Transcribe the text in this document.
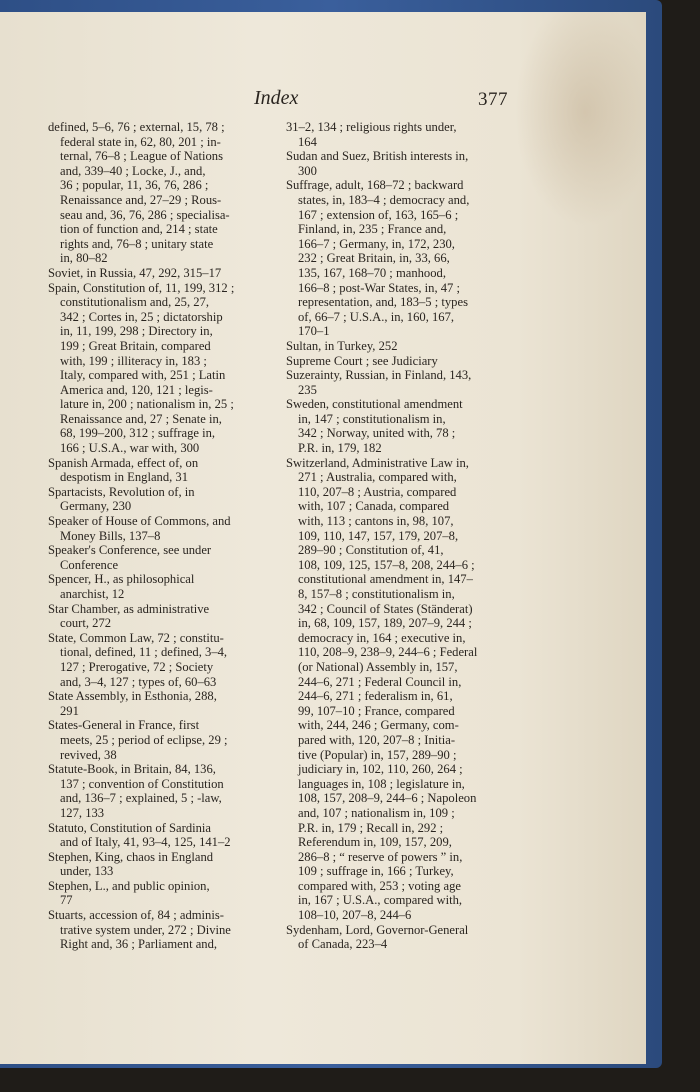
Index	377

defined, 5–6, 76 ; external, 15, 78 ;
federal state in, 62, 80, 201 ; in-
ternal, 76–8 ; League of Nations
and, 339–40 ; Locke, J., and,
36 ; popular, 11, 36, 76, 286 ;
Renaissance and, 27–29 ; Rous-
seau and, 36, 76, 286 ; specialisa-
tion of function and, 214 ; state
rights and, 76–8 ; unitary state
in, 80–82

Soviet, in Russia, 47, 292, 315–17

Spain, Constitution of, 11, 199, 312 ;
constitutionalism and, 25, 27,
342 ; Cortes in, 25 ; dictatorship
in, 11, 199, 298 ; Directory in,
199 ; Great Britain, compared
with, 199 ; illiteracy in, 183 ;
Italy, compared with, 251 ; Latin
America and, 120, 121 ; legis-
lature in, 200 ; nationalism in, 25 ;
Renaissance and, 27 ; Senate in,
68, 199–200, 312 ; suffrage in,
166 ; U.S.A., war with, 300

Spanish Armada, effect of, on
despotism in England, 31

Spartacists, Revolution of, in
Germany, 230

Speaker of House of Commons, and
Money Bills, 137–8

Speaker's Conference, see under
Conference

Spencer, H., as philosophical
anarchist, 12

Star Chamber, as administrative
court, 272

State, Common Law, 72 ; constitu-
tional, defined, 11 ; defined, 3–4,
127 ; Prerogative, 72 ; Society
and, 3–4, 127 ; types of, 60–63

State Assembly, in Esthonia, 288,
291

States-General in France, first
meets, 25 ; period of eclipse, 29 ;
revived, 38

Statute-Book, in Britain, 84, 136,
137 ; convention of Constitution
and, 136–7 ; explained, 5 ; -law,
127, 133

Statuto, Constitution of Sardinia
and of Italy, 41, 93–4, 125, 141–2

Stephen, King, chaos in England
under, 133

Stephen, L., and public opinion,
77

Stuarts, accession of, 84 ; adminis-
trative system under, 272 ; Divine
Right and, 36 ; Parliament and,

31–2, 134 ; religious rights under,
164

Sudan and Suez, British interests in,
300

Suffrage, adult, 168–72 ; backward
states, in, 183–4 ; democracy and,
167 ; extension of, 163, 165–6 ;
Finland, in, 235 ; France and,
166–7 ; Germany, in, 172, 230,
232 ; Great Britain, in, 33, 66,
135, 167, 168–70 ; manhood,
166–8 ; post-War States, in, 47 ;
representation, and, 183–5 ; types
of, 66–7 ; U.S.A., in, 160, 167,
170–1

Sultan, in Turkey, 252

Supreme Court ; see Judiciary

Suzerainty, Russian, in Finland, 143,
235

Sweden, constitutional amendment
in, 147 ; constitutionalism in,
342 ; Norway, united with, 78 ;
P.R. in, 179, 182

Switzerland, Administrative Law in,
271 ; Australia, compared with,
110, 207–8 ; Austria, compared
with, 107 ; Canada, compared
with, 113 ; cantons in, 98, 107,
109, 110, 147, 157, 179, 207–8,
289–90 ; Constitution of, 41,
108, 109, 125, 157–8, 208, 244–6 ;
constitutional amendment in, 147–
8, 157–8 ; constitutionalism in,
342 ; Council of States (Ständerat)
in, 68, 109, 157, 189, 207–9, 244 ;
democracy in, 164 ; executive in,
110, 208–9, 238–9, 244–6 ; Federal
(or National) Assembly in, 157,
244–6, 271 ; Federal Council in,
244–6, 271 ; federalism in, 61,
99, 107–10 ; France, compared
with, 244, 246 ; Germany, com-
pared with, 120, 207–8 ; Initia-
tive (Popular) in, 157, 289–90 ;
judiciary in, 102, 110, 260, 264 ;
languages in, 108 ; legislature in,
108, 157, 208–9, 244–6 ; Napoleon
and, 107 ; nationalism in, 109 ;
P.R. in, 179 ; Recall in, 292 ;
Referendum in, 109, 157, 209,
286–8 ; “ reserve of powers ” in,
109 ; suffrage in, 166 ; Turkey,
compared with, 253 ; voting age
in, 167 ; U.S.A., compared with,
108–10, 207–8, 244–6

Sydenham, Lord, Governor-General
of Canada, 223–4
